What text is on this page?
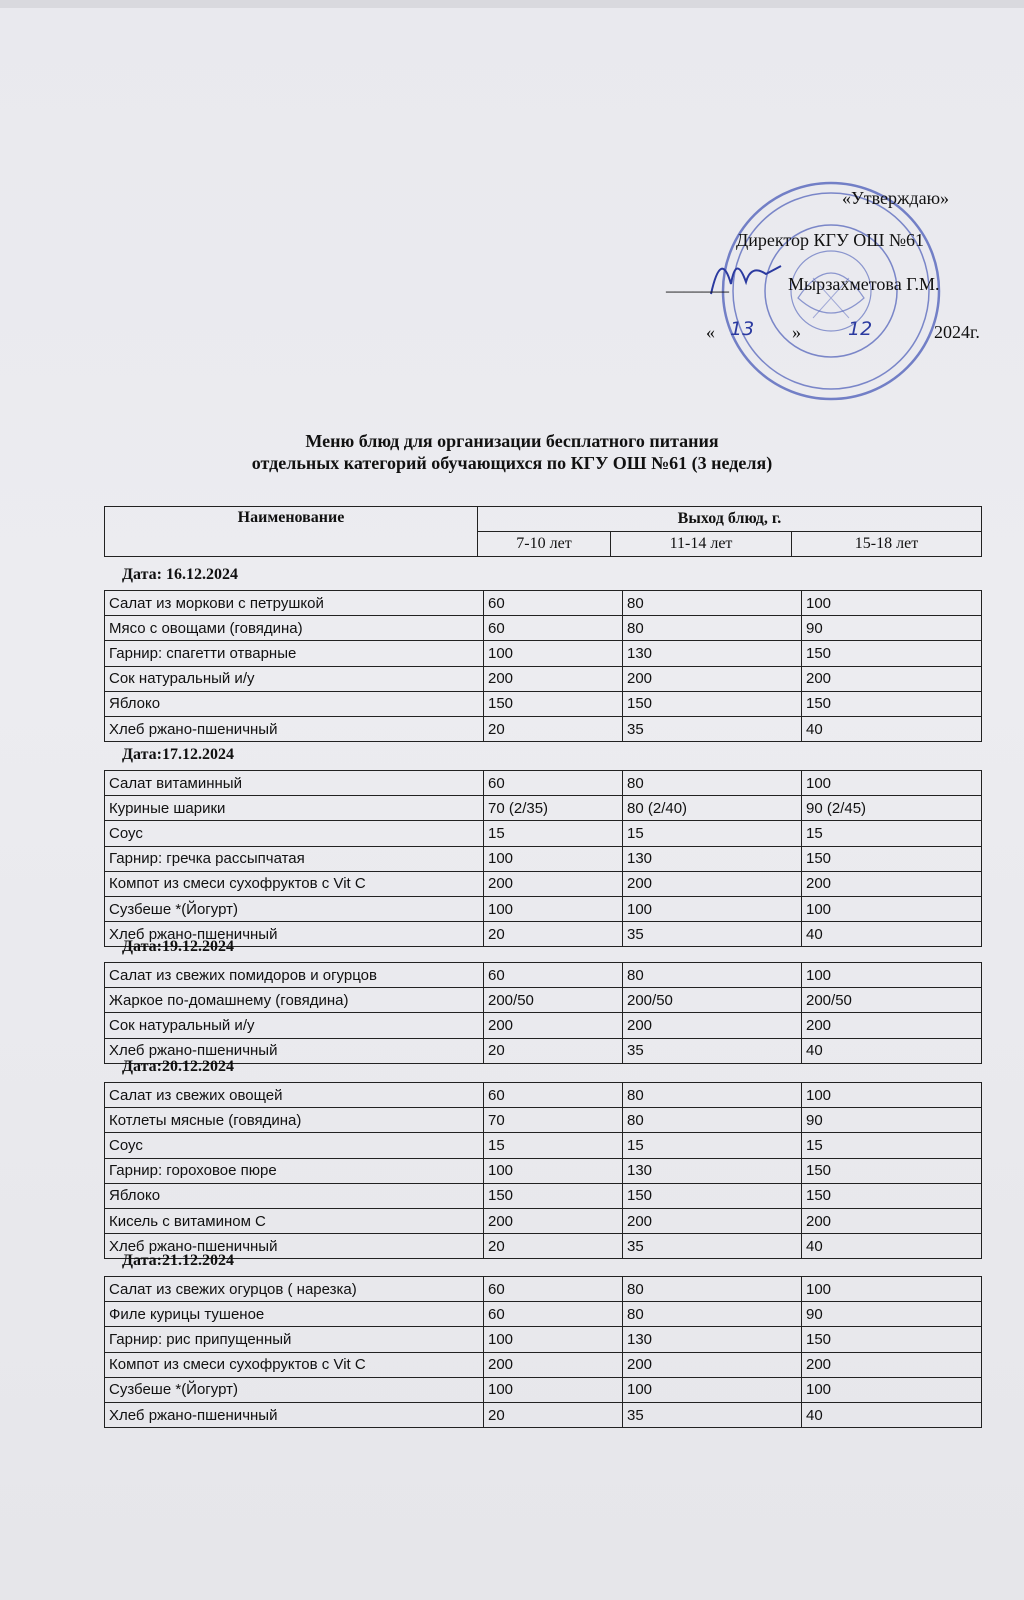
«Утверждаю»
Директор КГУ ОШ №61
_______	Мырзахметова Г.М.
« 13 » 12	2024г.
Меню блюд для организации бесплатного питания
отдельных категорий обучающихся по КГУ ОШ №61 (3 неделя)
Наименование	Выход блюд, г.		
	7-10 лет	11-14 лет	15-18 лет
Дата: 16.12.2024
Салат из моркови с петрушкой	60	80	100
Мясо с овощами (говядина)	60	80	90
Гарнир: спагетти отварные	100	130	150
Сок натуральный и/у	200	200	200
Яблоко	150	150	150
Хлеб ржано-пшеничный	20	35	40
Дата:17.12.2024
Салат витаминный	60	80	100
Куриные шарики	70 (2/35)	80 (2/40)	90 (2/45)
Соус	15	15	15
Гарнир: гречка рассыпчатая	100	130	150
Компот из смеси сухофруктов с Vit C	200	200	200
Сузбеше *(Йогурт)	100	100	100
Хлеб ржано-пшеничный	20	35	40
Дата:19.12.2024
Салат из свежих помидоров и огурцов	60	80	100
Жаркое по-домашнему (говядина)	200/50	200/50	200/50
Сок натуральный и/у	200	200	200
Хлеб ржано-пшеничный	20	35	40
Дата:20.12.2024
Салат из свежих овощей	60	80	100
Котлеты мясные (говядина)	70	80	90
Соус	15	15	15
Гарнир: гороховое пюре	100	130	150
Яблоко	150	150	150
Кисель с витамином С	200	200	200
Хлеб ржано-пшеничный	20	35	40
Дата:21.12.2024
Салат из свежих огурцов ( нарезка)	60	80	100
Филе курицы тушеное	60	80	90
Гарнир: рис припущенный	100	130	150
Компот из смеси сухофруктов с Vit C	200	200	200
Сузбеше *(Йогурт)	100	100	100
Хлеб ржано-пшеничный	20	35	40
